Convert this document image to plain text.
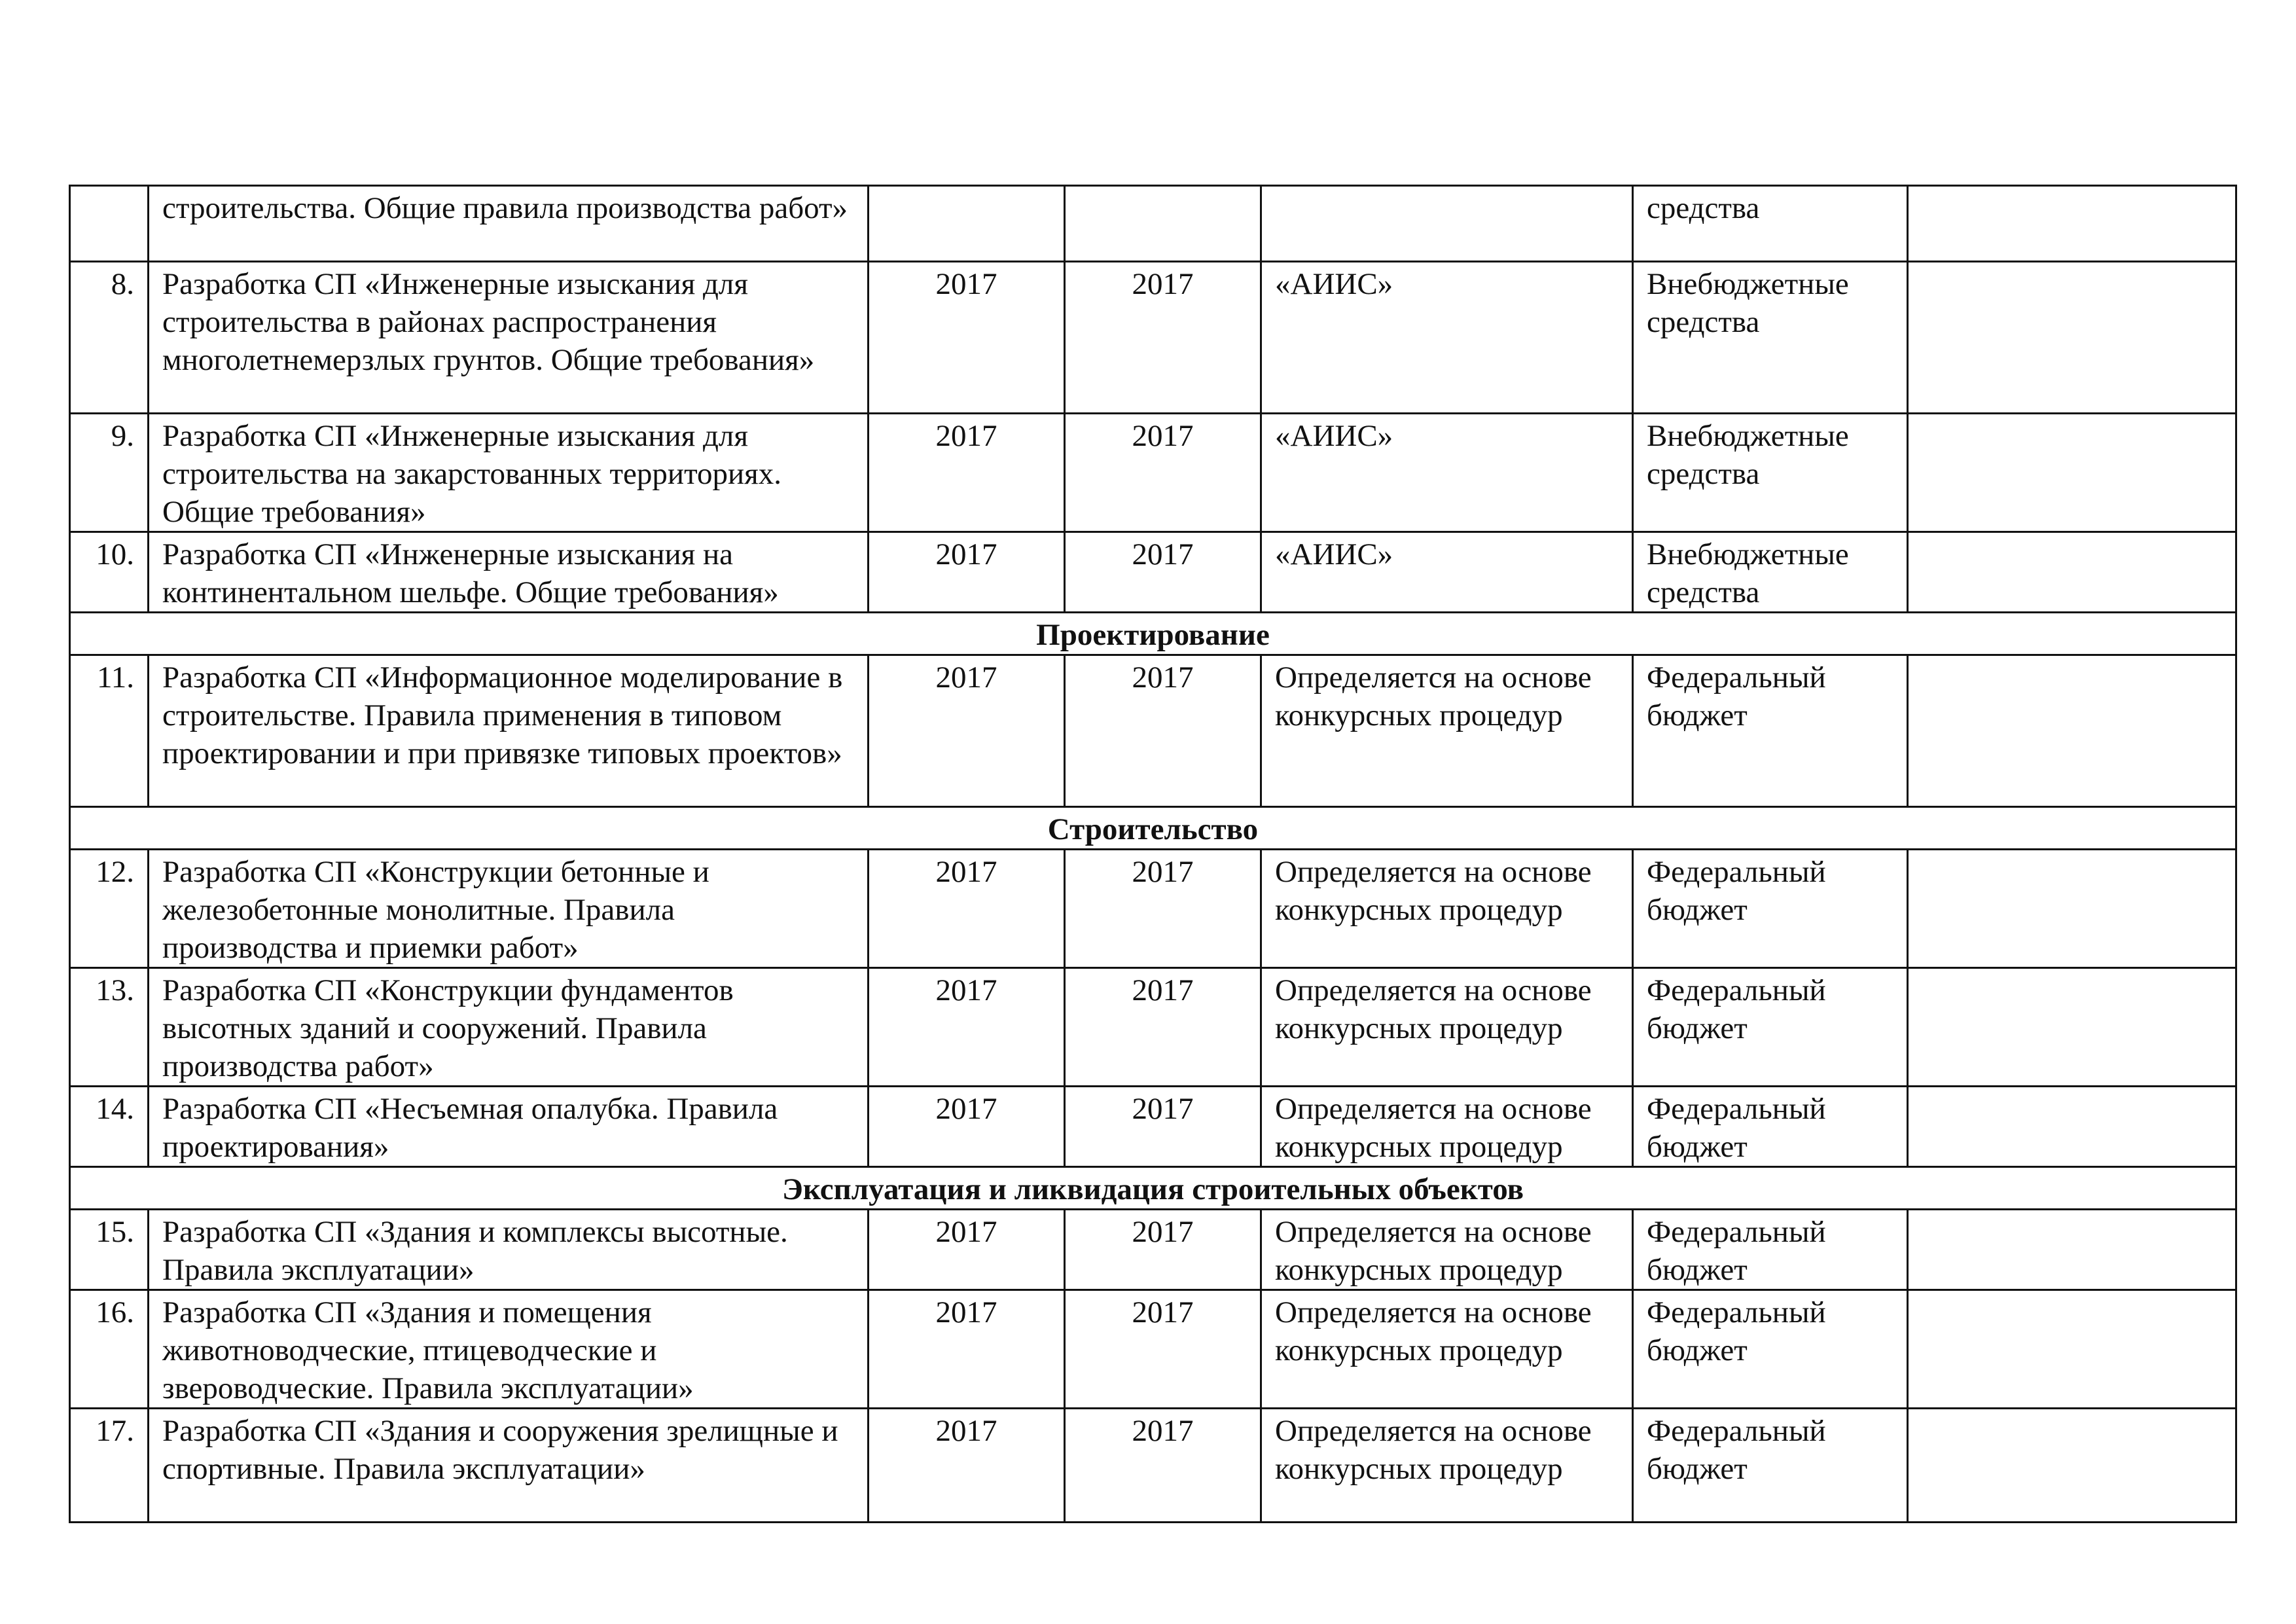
	строительства. Общие правила производства работ»				средства	
8.	Разработка СП «Инженерные изыскания для строительства в районах распространения многолетнемерзлых грунтов. Общие требования»	2017	2017	«АИИС»	Внебюджетные средства	
9.	Разработка СП «Инженерные изыскания для строительства на закарстованных территориях. Общие требования»	2017	2017	«АИИС»	Внебюджетные средства	
10.	Разработка СП «Инженерные изыскания на континентальном шельфе. Общие требования»	2017	2017	«АИИС»	Внебюджетные средства	
Проектирование						
11.	Разработка СП «Информационное моделирование в строительстве. Правила применения в типовом проектировании и при привязке типовых проектов»	2017	2017	Определяется на основе конкурсных процедур	Федеральный бюджет	
Строительство						
12.	Разработка СП «Конструкции бетонные и железобетонные монолитные. Правила производства и приемки работ»	2017	2017	Определяется на основе конкурсных процедур	Федеральный бюджет	
13.	Разработка СП «Конструкции фундаментов высотных зданий и сооружений. Правила производства работ»	2017	2017	Определяется на основе конкурсных процедур	Федеральный бюджет	
14.	Разработка СП «Несъемная опалубка. Правила проектирования»	2017	2017	Определяется на основе конкурсных процедур	Федеральный бюджет	
Эксплуатация и ликвидация строительных объектов						
15.	Разработка СП «Здания и комплексы высотные. Правила эксплуатации»	2017	2017	Определяется на основе конкурсных процедур	Федеральный бюджет	
16.	Разработка СП «Здания и помещения животноводческие, птицеводческие и звероводческие. Правила эксплуатации»	2017	2017	Определяется на основе конкурсных процедур	Федеральный бюджет	
17.	Разработка СП «Здания и сооружения зрелищные и спортивные. Правила эксплуатации»	2017	2017	Определяется на основе конкурсных процедур	Федеральный бюджет	
